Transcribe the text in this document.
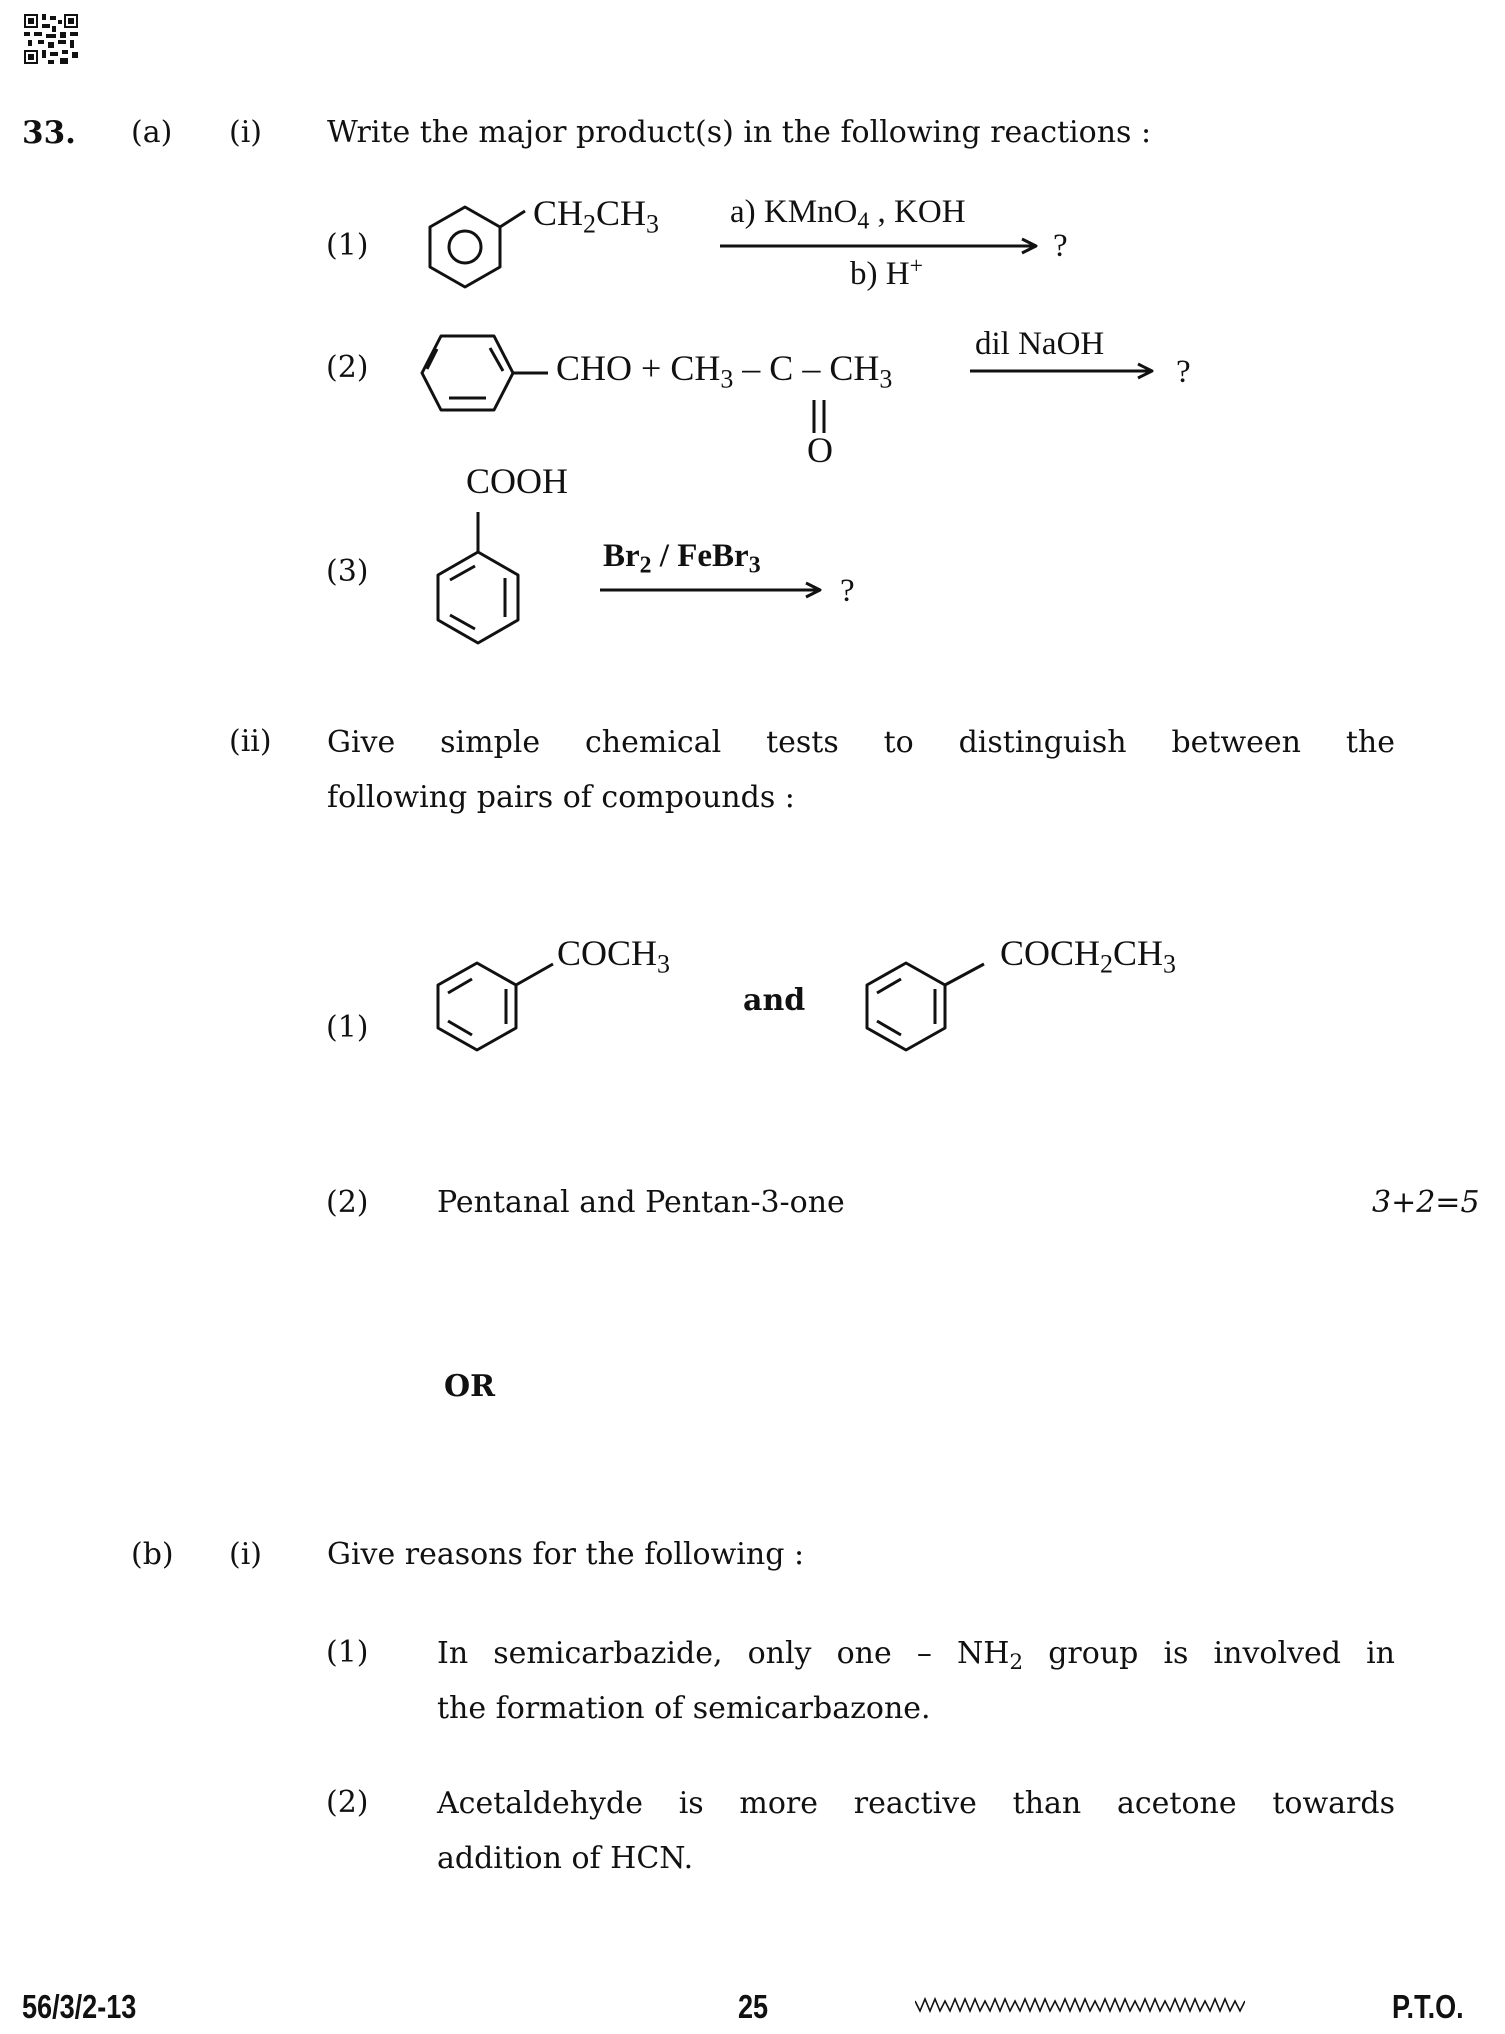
33. (a) (i) Write the major product(s) in the following reactions :
(1)
$CH_2CH_3$ a) KMnO$_4$ , KOH
b) H+
?
(2)	CHO + $CH_3$ – C – $CH_3$
O
dil NaOH
?
COOH
(3)	$Br_2$ / FeBr$_3$
?
(ii) Give simple chemical tests to distinguish between the
following pairs of compounds :
$COCH_3$
and
$COCH_2CH_3$
(1)
(2) Pentanal and Pentan-3-one	3+2=5
OR
(b) (i) Give reasons for the following :
(1) In semicarbazide, only one – $NH_2$ group is involved in
the formation of semicarbazone.
(2) Acetaldehyde is more reactive than acetone towards
addition of HCN.
56/3/2-13	25	P.T.O.
